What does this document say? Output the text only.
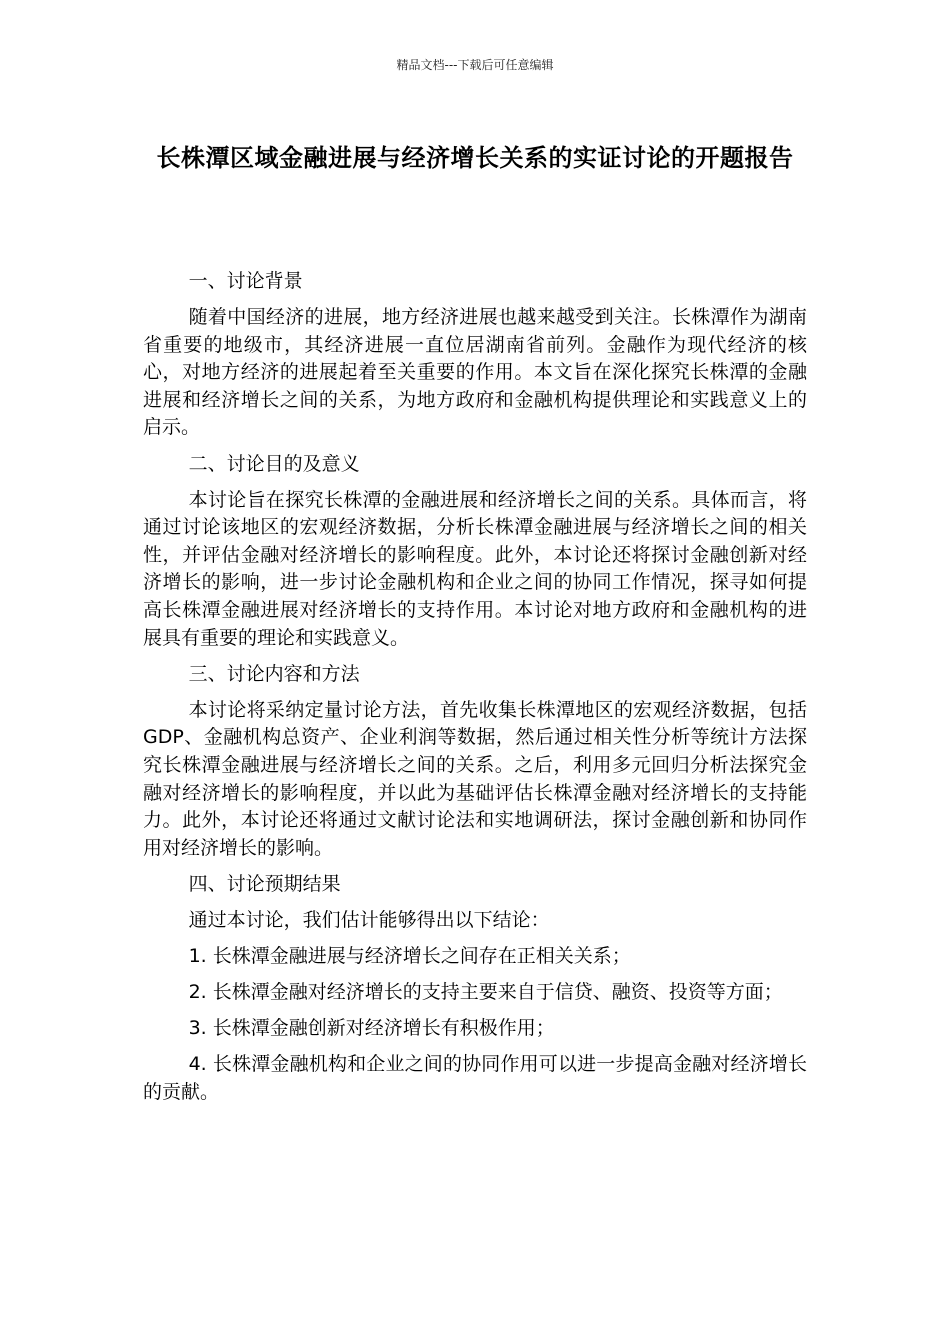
精品文档---下载后可任意编辑
长株潭区域金融进展与经济增长关系的实证讨论的开题报告

一、讨论背景

随着中国经济的进展，地方经济进展也越来越受到关注。长株潭作为湖南省重要的地级市，其经济进展一直位居湖南省前列。金融作为现代经济的核心，对地方经济的进展起着至关重要的作用。本文旨在深化探究长株潭的金融进展和经济增长之间的关系，为地方政府和金融机构提供理论和实践意义上的启示。

二、讨论目的及意义

本讨论旨在探究长株潭的金融进展和经济增长之间的关系。具体而言，将通过讨论该地区的宏观经济数据，分析长株潭金融进展与经济增长之间的相关性，并评估金融对经济增长的影响程度。此外，本讨论还将探讨金融创新对经济增长的影响，进一步讨论金融机构和企业之间的协同工作情况，探寻如何提高长株潭金融进展对经济增长的支持作用。本讨论对地方政府和金融机构的进展具有重要的理论和实践意义。

三、讨论内容和方法

本讨论将采纳定量讨论方法，首先收集长株潭地区的宏观经济数据，包括GDP、金融机构总资产、企业利润等数据，然后通过相关性分析等统计方法探究长株潭金融进展与经济增长之间的关系。之后，利用多元回归分析法探究金融对经济增长的影响程度，并以此为基础评估长株潭金融对经济增长的支持能力。此外，本讨论还将通过文献讨论法和实地调研法，探讨金融创新和协同作用对经济增长的影响。

四、讨论预期结果

通过本讨论，我们估计能够得出以下结论：

1. 长株潭金融进展与经济增长之间存在正相关关系；

2. 长株潭金融对经济增长的支持主要来自于信贷、融资、投资等方面；

3. 长株潭金融创新对经济增长有积极作用；

4. 长株潭金融机构和企业之间的协同作用可以进一步提高金融对经济增长的贡献。
